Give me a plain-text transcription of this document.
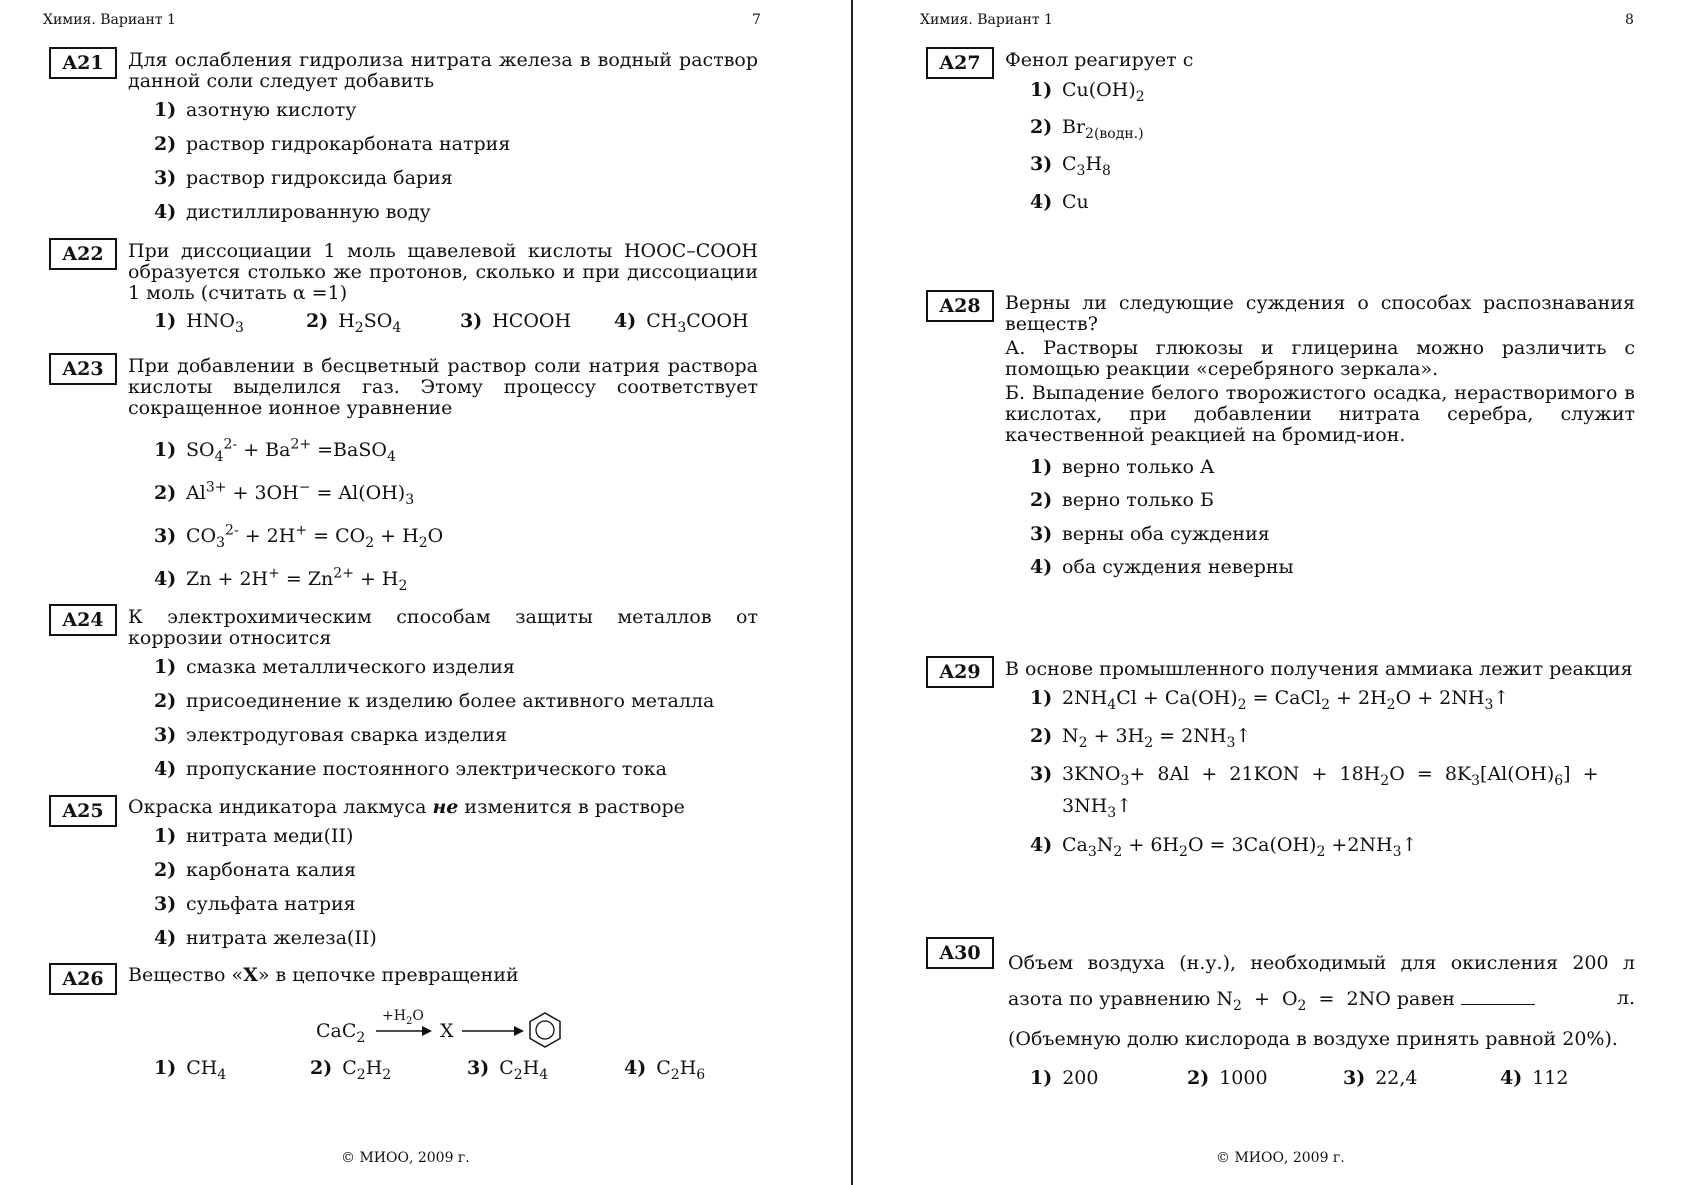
Химия. Вариант 1	7
A21	Для ослабления гидролиза нитрата железа в водный раствор
данной соли следует добавить
1) азотную кислоту
2) раствор гидрокарбоната натрия
3) раствор гидроксида бария
4) дистиллированную воду
A22	При диссоциации 1 моль щавелевой кислоты НООС–СООН
образуется столько же протонов, сколько и при диссоциации
1 моль (считать α =1)
1) $HNO_3$	2) $H_2SO_4$	3) HCOOH 4) $CH_3COOH$
A23	При добавлении в бесцветный раствор соли натрия раствора
кислоты выделился газ. Этому процессу соответствует
сокращенное ионное уравнение
1) $SO_4^{2-} + Ba^{2+}$ =BaSO$_4$
2) $Al^{3+} + 3OH^- = Al(OH)_3$
3) $CO_3^{2-} + 2H^+ = CO_2 + H_2O$
4) $Zn + 2H^+ = Zn^{2+} + H_2$
A24	К электрохимическим способам защиты металлов от
коррозии относится
1) смазка металлического изделия
2) присоединение к изделию более активного металла
3) электродуговая сварка изделия
4) пропускание постоянного электрического тока
A25	Окраска индикатора лакмуса не изменится в растворе
1) нитрата меди(II)
2) карбоната калия
3) сульфата натрия
4) нитрата железа(II)
A26	Вещество «X» в цепочке превращений
CaC$_2$
$+H_2O$
X
1) $CH_4$	2) $C_2H_2$	3) $C_2H_4$	4) $C_2H_6$
© МИОО, 2009 г.
Химия. Вариант 1	8
A27	Фенол реагирует с
1) $Cu(OH)_2$
2) $Br_{2(водн.)}$
3) $C_3H_8$
4) Cu
A28	Верны ли следующие суждения о способах распознавания
веществ?
А. Растворы глюкозы и глицерина можно различить с
помощью реакции «серебряного зеркала».
Б. Выпадение белого творожистого осадка, нерастворимого в
кислотах, при добавлении нитрата серебра, служит
качественной реакцией на бромид-ион.
1) верно только А
2) верно только Б
3) верны оба суждения
4) оба суждения неверны
A29	В основе промышленного получения аммиака лежит реакция
1) $2NH_4Cl + Ca(OH)_2$ = CaCl$_2$ + $2H_2O$ + $2NH_3↑$
2) $N_2 + 3H_2$ = $2NH_3↑$
3) $3KNO_3+ 8Al + 21KON + 18H_2O = 8K_3[Al(OH)_6]$  +
$3NH_3↑$
4) $Ca_3N_2 + 6H_2O = 3Ca(OH)_2$ $+2NH_3↑$
A30	Объем воздуха (н.у.), необходимый для окисления 200 л
азота по уравнению $N_2 + O_2 = 2NO$ равен	л.
(Объемную долю кислорода в воздухе принять равной 20%).
1) 200	2) 1000	3) 22,4	4) 112
© МИОО, 2009 г.
